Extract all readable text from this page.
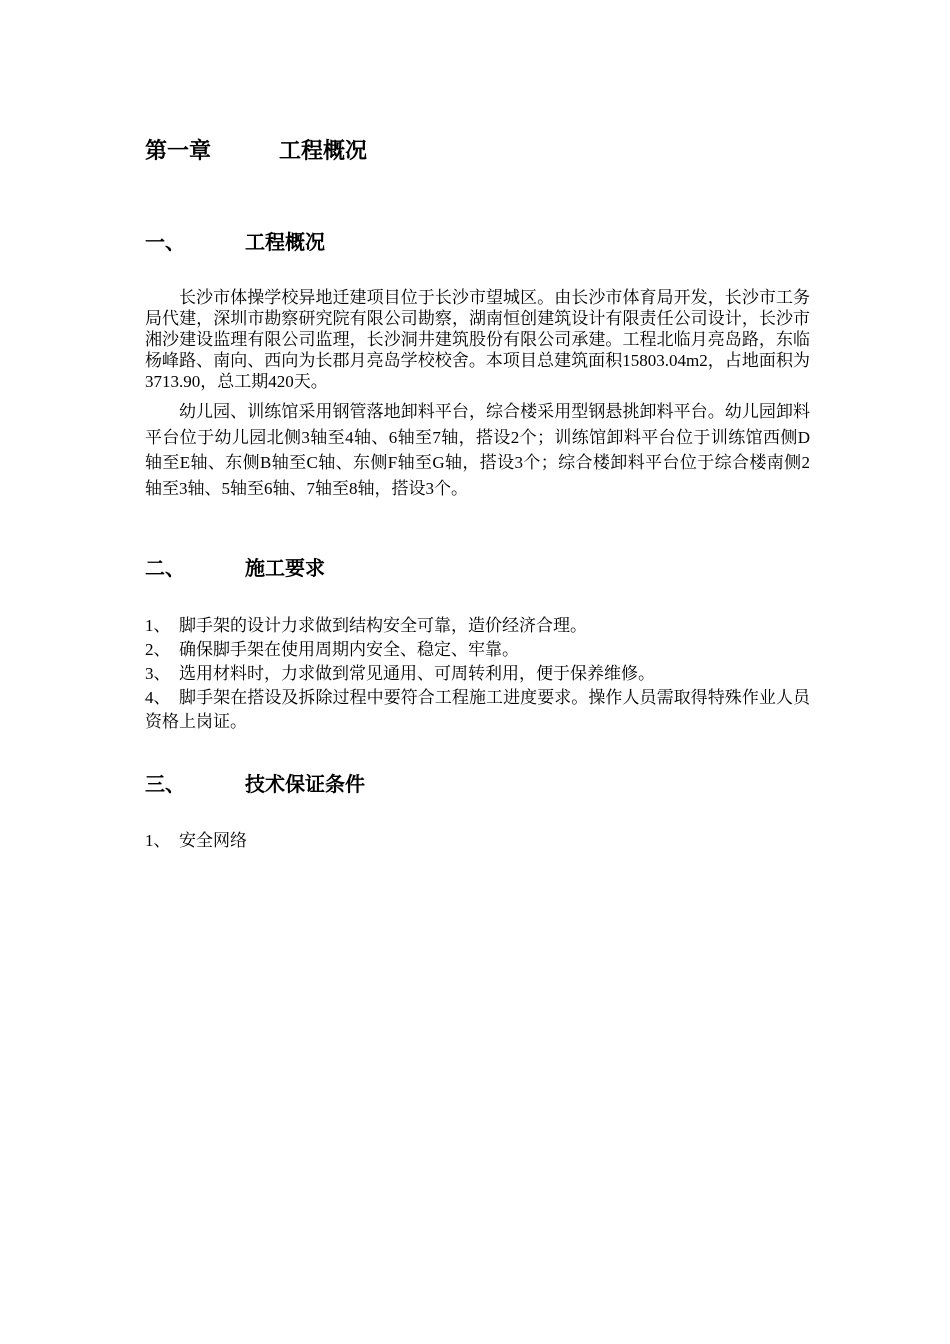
第一章	工程概况
一、	工程概况

长沙市体操学校异地迁建项目位于长沙市望城区。由长沙市体育局开发，长沙市工务局代建，深圳市勘察研究院有限公司勘察，湖南恒创建筑设计有限责任公司设计，长沙市湘沙建设监理有限公司监理，长沙洞井建筑股份有限公司承建。工程北临月亮岛路，东临杨峰路、南向、西向为长郡月亮岛学校校舍。本项目总建筑面积15803.04m2，占地面积为3713.90，总工期420天。

幼儿园、训练馆采用钢管落地卸料平台，综合楼采用型钢悬挑卸料平台。幼儿园卸料平台位于幼儿园北侧3轴至4轴、6轴至7轴，搭设2个；训练馆卸料平台位于训练馆西侧D轴至E轴、东侧B轴至C轴、东侧F轴至G轴，搭设3个；综合楼卸料平台位于综合楼南侧2轴至3轴、5轴至6轴、7轴至8轴，搭设3个。

二、	施工要求

1、 脚手架的设计力求做到结构安全可靠，造价经济合理。

2、 确保脚手架在使用周期内安全、稳定、牢靠。

3、 选用材料时，力求做到常见通用、可周转利用，便于保养维修。

4、 脚手架在搭设及拆除过程中要符合工程施工进度要求。操作人员需取得特殊作业人员资格上岗证。

三、	技术保证条件

1、 安全网络
